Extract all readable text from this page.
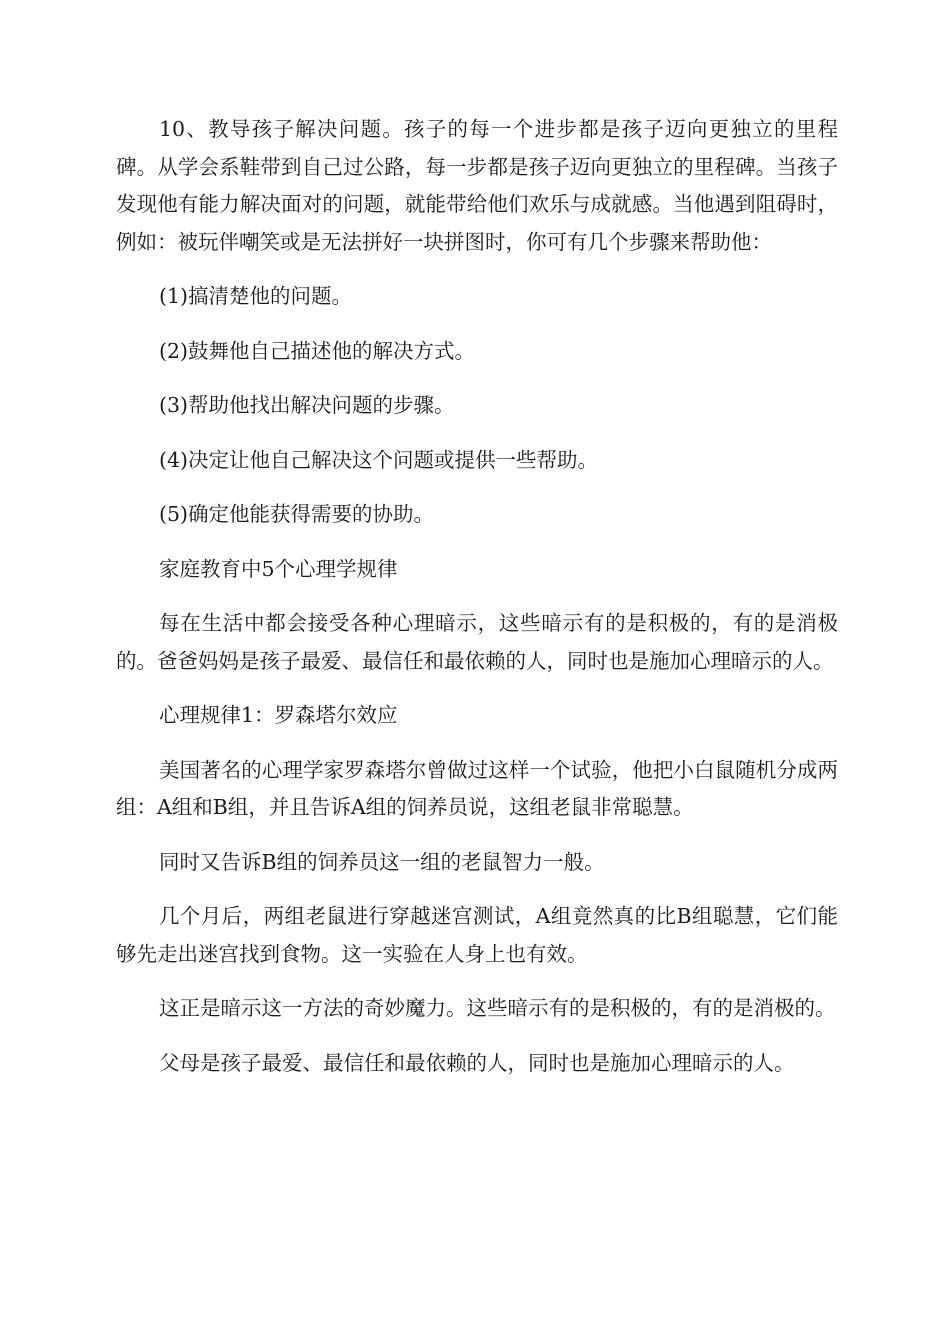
10、教导孩子解决问题。孩子的每一个进步都是孩子迈向更独立的里程碑。从学会系鞋带到自己过公路，每一步都是孩子迈向更独立的里程碑。当孩子发现他有能力解决面对的问题，就能带给他们欢乐与成就感。当他遇到阻碍时，例如：被玩伴嘲笑或是无法拼好一块拼图时，你可有几个步骤来帮助他：

(1)搞清楚他的问题。

(2)鼓舞他自己描述他的解决方式。

(3)帮助他找出解决问题的步骤。

(4)决定让他自己解决这个问题或提供一些帮助。

(5)确定他能获得需要的协助。

家庭教育中5个心理学规律

每在生活中都会接受各种心理暗示，这些暗示有的是积极的，有的是消极的。爸爸妈妈是孩子最爱、最信任和最依赖的人，同时也是施加心理暗示的人。

心理规律1：罗森塔尔效应

美国著名的心理学家罗森塔尔曾做过这样一个试验，他把小白鼠随机分成两组：A组和B组，并且告诉A组的饲养员说，这组老鼠非常聪慧。

同时又告诉B组的饲养员这一组的老鼠智力一般。

几个月后，两组老鼠进行穿越迷宫测试，A组竟然真的比B组聪慧，它们能够先走出迷宫找到食物。这一实验在人身上也有效。

这正是暗示这一方法的奇妙魔力。这些暗示有的是积极的，有的是消极的。

父母是孩子最爱、最信任和最依赖的人，同时也是施加心理暗示的人。
